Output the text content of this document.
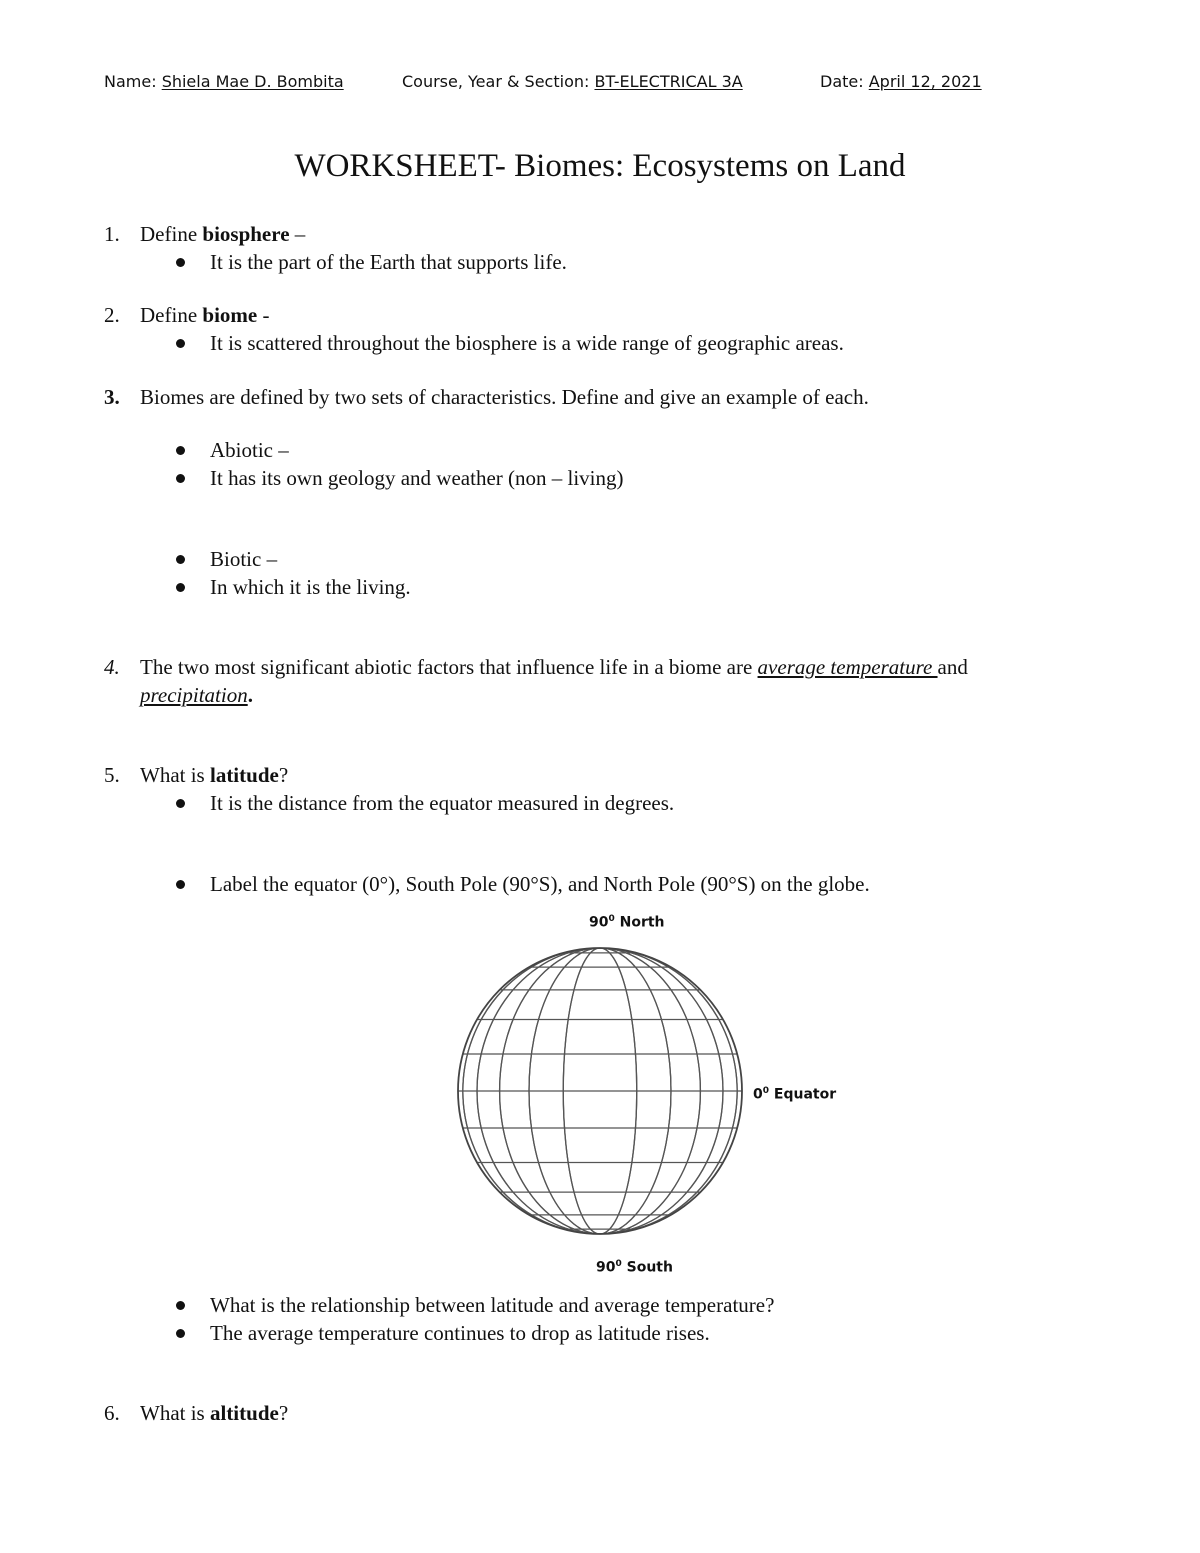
Name: Shiela Mae D. Bombita	Course, Year & Section: BT-ELECTRICAL 3A	Date: April 12, 2021
WORKSHEET- Biomes: Ecosystems on Land
1. Define biosphere –
It is the part of the Earth that supports life.
2. Define biome -
It is scattered throughout the biosphere is a wide range of geographic areas.
3. Biomes are defined by two sets of characteristics. Define and give an example of each.
Abiotic –
It has its own geology and weather (non – living)
Biotic –
In which it is the living.
4. The two most significant abiotic factors that influence life in a biome are average temperature and
precipitation.
5. What is latitude?
It is the distance from the equator measured in degrees.
Label the equator (0°), South Pole (90°S), and North Pole (90°S) on the globe.
$90^0$ North
$0^0$ Equator
$90^0$ South
What is the relationship between latitude and average temperature?
The average temperature continues to drop as latitude rises.
6. What is altitude?
